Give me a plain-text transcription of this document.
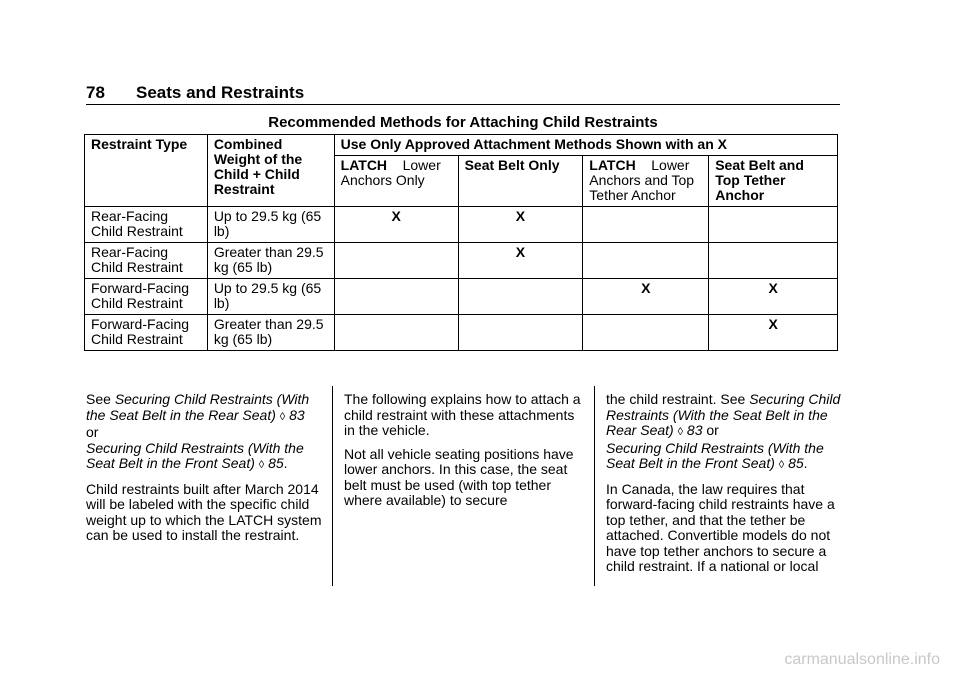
78 Seats and Restraints
Recommended Methods for Attaching Child Restraints
Restraint Type	Combined Weight of the Child + Child Restraint	Use Only Approved Attachment Methods Shown with an X			
		LATCH Lower Anchors Only	Seat Belt Only	LATCH Lower Anchors and Top Tether Anchor	Seat Belt and Top Tether Anchor
Rear-Facing Child Restraint	Up to 29.5 kg (65 lb)	X	X		
Rear-Facing Child Restraint	Greater than 29.5 kg (65 lb)		X		
Forward-Facing Child Restraint	Up to 29.5 kg (65 lb)			X	X
Forward-Facing Child Restraint	Greater than 29.5 kg (65 lb)				X

See Securing Child Restraints (With the Seat Belt in the Rear Seat) ◊ 83
or
Securing Child Restraints (With the Seat Belt in the Front Seat) ◊ 85.

Child restraints built after March 2014 will be labeled with the specific child weight up to which the LATCH system can be used to install the restraint.

The following explains how to attach a child restraint with these attachments in the vehicle.

Not all vehicle seating positions have lower anchors. In this case, the seat belt must be used (with top tether where available) to secure

the child restraint. See Securing Child Restraints (With the Seat Belt in the Rear Seat) ◊ 83 or
Securing Child Restraints (With the Seat Belt in the Front Seat) ◊ 85.

In Canada, the law requires that forward-facing child restraints have a top tether, and that the tether be attached. Convertible models do not have top tether anchors to secure a child restraint. If a national or local

carmanualsonline.info
